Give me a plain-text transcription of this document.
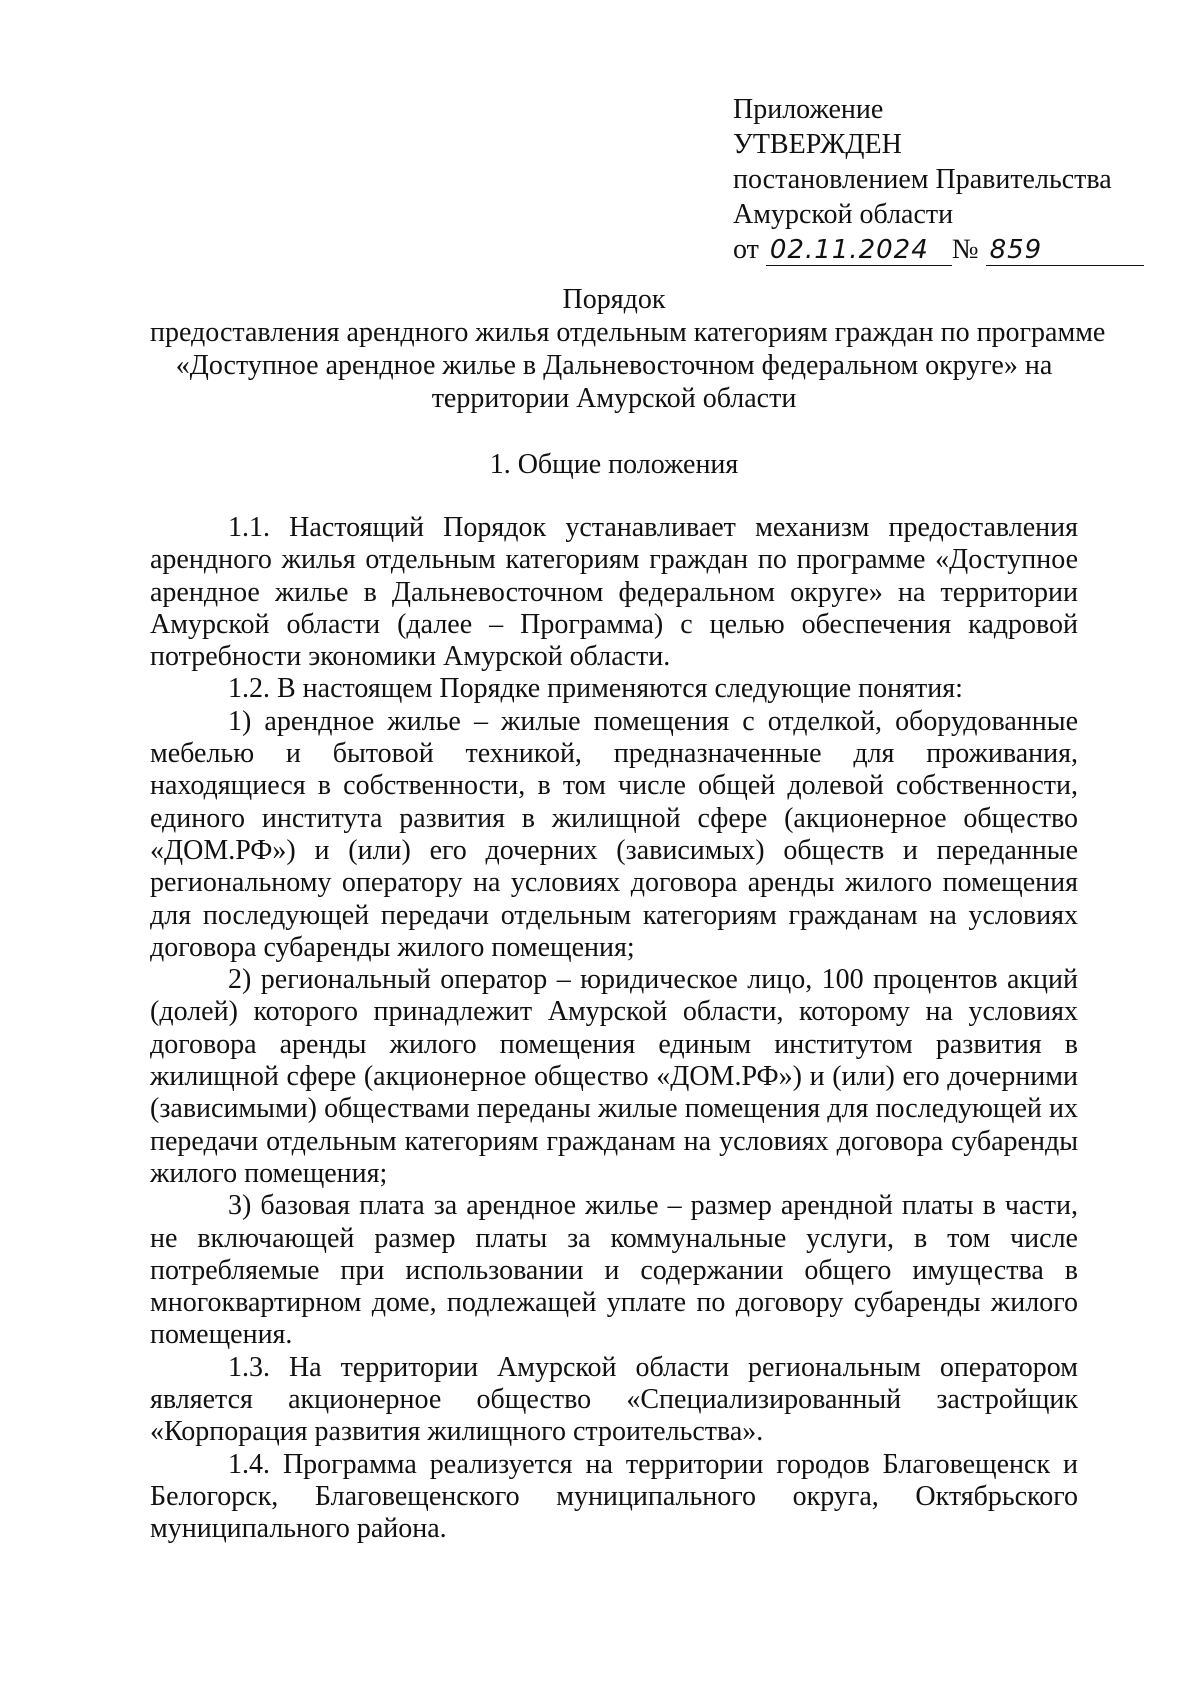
Приложение
УТВЕРЖДЕН
постановлением Правительства
Амурской области
от 02.11.2024 № 859
Порядок
предоставления арендного жилья отдельным категориям граждан по программе
«Доступное арендное жилье в Дальневосточном федеральном округе» на
территории Амурской области
1. Общие положения

1.1. Настоящий Порядок устанавливает механизм предоставления арендного жилья отдельным категориям граждан по программе «Доступное арендное жилье в Дальневосточном федеральном округе» на территории Амурской области (далее – Программа) с целью обеспечения кадровой потребности экономики Амурской области.

1.2. В настоящем Порядке применяются следующие понятия:

1) арендное жилье – жилые помещения с отделкой, оборудованные мебелью и бытовой техникой, предназначенные для проживания, находящиеся в собственности, в том числе общей долевой собственности, единого института развития в жилищной сфере (акционерное общество «ДОМ.РФ») и (или) его дочерних (зависимых) обществ и переданные региональному оператору на условиях договора аренды жилого помещения для последующей передачи отдельным категориям гражданам на условиях договора субаренды жилого помещения;

2) региональный оператор – юридическое лицо, 100 процентов акций (долей) которого принадлежит Амурской области, которому на условиях договора аренды жилого помещения единым институтом развития в жилищной сфере (акционерное общество «ДОМ.РФ») и (или) его дочерними (зависимыми) обществами переданы жилые помещения для последующей их передачи отдельным категориям гражданам на условиях договора субаренды жилого помещения;

3) базовая плата за арендное жилье – размер арендной платы в части, не включающей размер платы за коммунальные услуги, в том числе потребляемые при использовании и содержании общего имущества в многоквартирном доме, подлежащей уплате по договору субаренды жилого помещения.

1.3. На территории Амурской области региональным оператором является акционерное общество «Специализированный застройщик «Корпорация развития жилищного строительства».

1.4. Программа реализуется на территории городов Благовещенск и Белогорск, Благовещенского муниципального округа, Октябрьского муниципального района.
